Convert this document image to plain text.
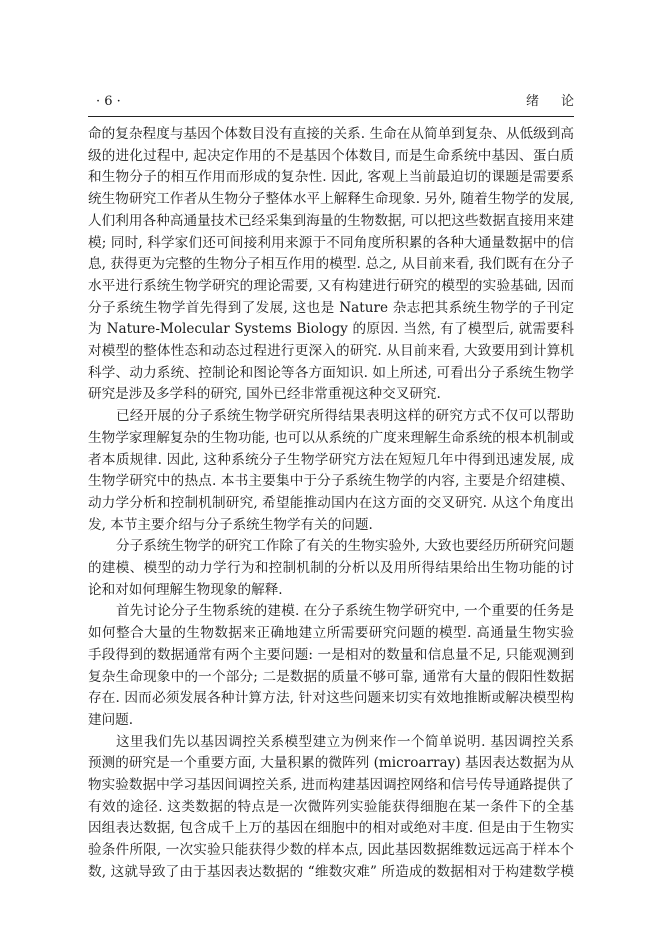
· 6 ·	绪论
命的复杂程度与基因个体数目没有直接的关系. 生命在从简单到复杂、从低级到高
级的进化过程中, 起决定作用的不是基因个体数目, 而是生命系统中基因、蛋白质
和生物分子的相互作用而形成的复杂性. 因此, 客观上当前最迫切的课题是需要系
统生物研究工作者从生物分子整体水平上解释生命现象. 另外, 随着生物学的发展,
人们利用各种高通量技术已经采集到海量的生物数据, 可以把这些数据直接用来建
模; 同时, 科学家们还可间接利用来源于不同角度所积累的各种大通量数据中的信
息, 获得更为完整的生物分子相互作用的模型. 总之, 从目前来看, 我们既有在分子
水平进行系统生物学研究的理论需要, 又有构建进行研究的模型的实验基础, 因而
分子系统生物学首先得到了发展, 这也是 Nature 杂志把其系统生物学的子刊定
为 Nature-Molecular Systems Biology 的原因. 当然, 有了模型后, 就需要科
对模型的整体性态和动态过程进行更深入的研究. 从目前来看, 大致要用到计算机
科学、动力系统、控制论和图论等各方面知识. 如上所述, 可看出分子系统生物学
研究是涉及多学科的研究, 国外已经非常重视这种交叉研究.
已经开展的分子系统生物学研究所得结果表明这样的研究方式不仅可以帮助
生物学家理解复杂的生物功能, 也可以从系统的广度来理解生命系统的根本机制或
者本质规律. 因此, 这种系统分子生物学研究方法在短短几年中得到迅速发展, 成
生物学研究中的热点. 本书主要集中于分子系统生物学的内容, 主要是介绍建模、
动力学分析和控制机制研究, 希望能推动国内在这方面的交叉研究. 从这个角度出
发, 本节主要介绍与分子系统生物学有关的问题.
分子系统生物学的研究工作除了有关的生物实验外, 大致也要经历所研究问题
的建模、模型的动力学行为和控制机制的分析以及用所得结果给出生物功能的讨
论和对如何理解生物现象的解释.
首先讨论分子生物系统的建模. 在分子系统生物学研究中, 一个重要的任务是
如何整合大量的生物数据来正确地建立所需要研究问题的模型. 高通量生物实验
手段得到的数据通常有两个主要问题: 一是相对的数量和信息量不足, 只能观测到
复杂生命现象中的一个部分; 二是数据的质量不够可靠, 通常有大量的假阳性数据
存在. 因而必须发展各种计算方法, 针对这些问题来切实有效地推断或解决模型构
建问题.
这里我们先以基因调控关系模型建立为例来作一个简单说明. 基因调控关系
预测的研究是一个重要方面, 大量积累的微阵列 (microarray) 基因表达数据为从
物实验数据中学习基因间调控关系, 进而构建基因调控网络和信号传导通路提供了
有效的途径. 这类数据的特点是一次微阵列实验能获得细胞在某一条件下的全基
因组表达数据, 包含成千上万的基因在细胞中的相对或绝对丰度. 但是由于生物实
验条件所限, 一次实验只能获得少数的样本点, 因此基因数据维数远远高于样本个
数, 这就导致了由于基因表达数据的 “维数灾难” 所造成的数据相对于构建数学模
